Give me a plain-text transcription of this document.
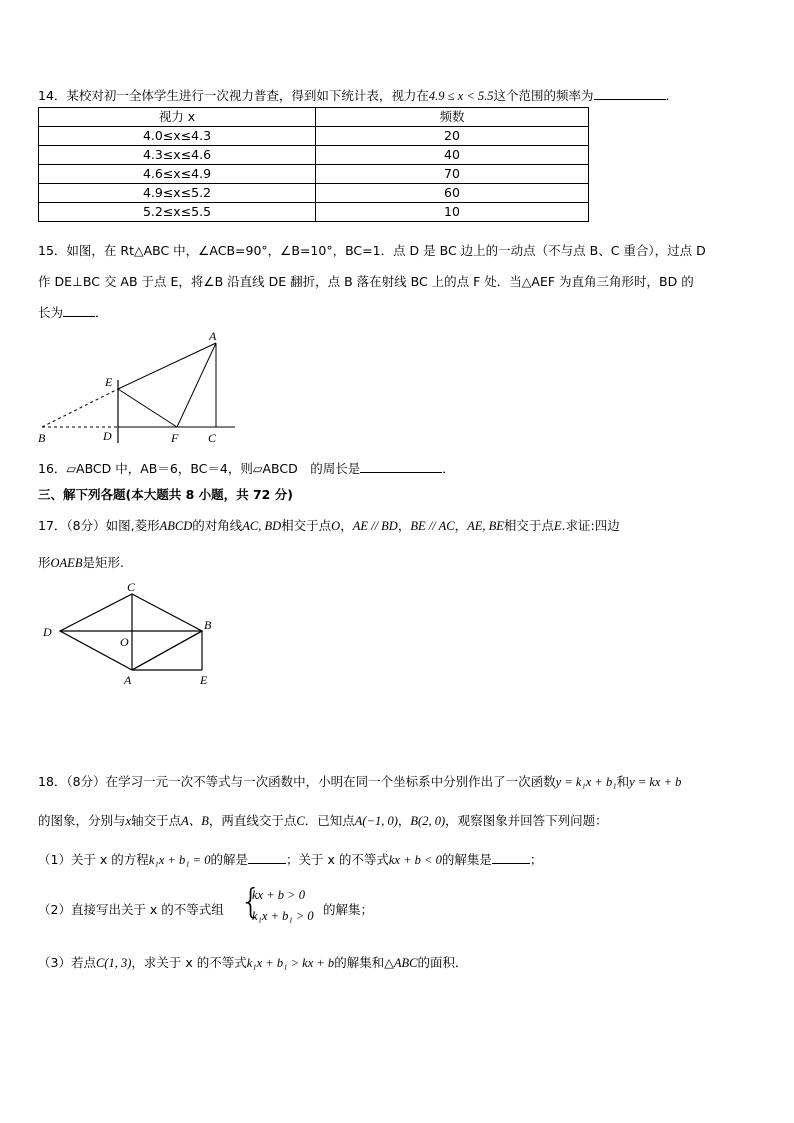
14．某校对初一全体学生进行一次视力普查，得到如下统计表，视力在4.9 ≤ x < 5.5这个范围的频率为	．
视力 x	频数
4.0≤x≤4.3	20
4.3≤x≤4.6	40
4.6≤x≤4.9	70
4.9≤x≤5.2	60
5.2≤x≤5.5	10
15．如图，在 Rt△ABC 中，∠ACB=90°，∠B=10°，BC=1．点 D 是 BC 边上的一动点（不与点 B、C 重合），过点 D
作 DE⊥BC 交 AB 于点 E，将∠B 沿直线 DE 翻折，点 B 落在射线 BC 上的点 F 处．当△AEF 为直角三角形时，BD 的
长为	．
A
E
B	D	F C
16．▱ABCD 中，AB＝6，BC＝4，则▱ABCD　的周长是	．
三、解下列各题(本大题共 8 小题，共 72 分)
17．（8分）如图,菱形ABCD的对角线AC, BD相交于点O，AE // BD，BE // AC，AE, BE相交于点E.求证:四边
形OAEB是矩形.
C
D
O
B
A	E
18．（8分）在学习一元一次不等式与一次函数中，小明在同一个坐标系中分别作出了一次函数y = k₁x + b₁和y = kx + b
的图象，分别与x轴交于点A、B，两直线交于点C．已知点A(−1, 0)，B(2, 0)，观察图象并回答下列问题：
（1）关于 x 的方程k₁x + b₁ = 0的解是	；关于 x 的不等式kx + b < 0的解集是	；
（2）直接写出关于 x 的不等式组 {
kx + b > 0
k₁x + b₁ > 0 的解集；
（3）若点C(1, 3)，求关于 x 的不等式k₁x + b₁ > kx + b的解集和△ABC的面积．
